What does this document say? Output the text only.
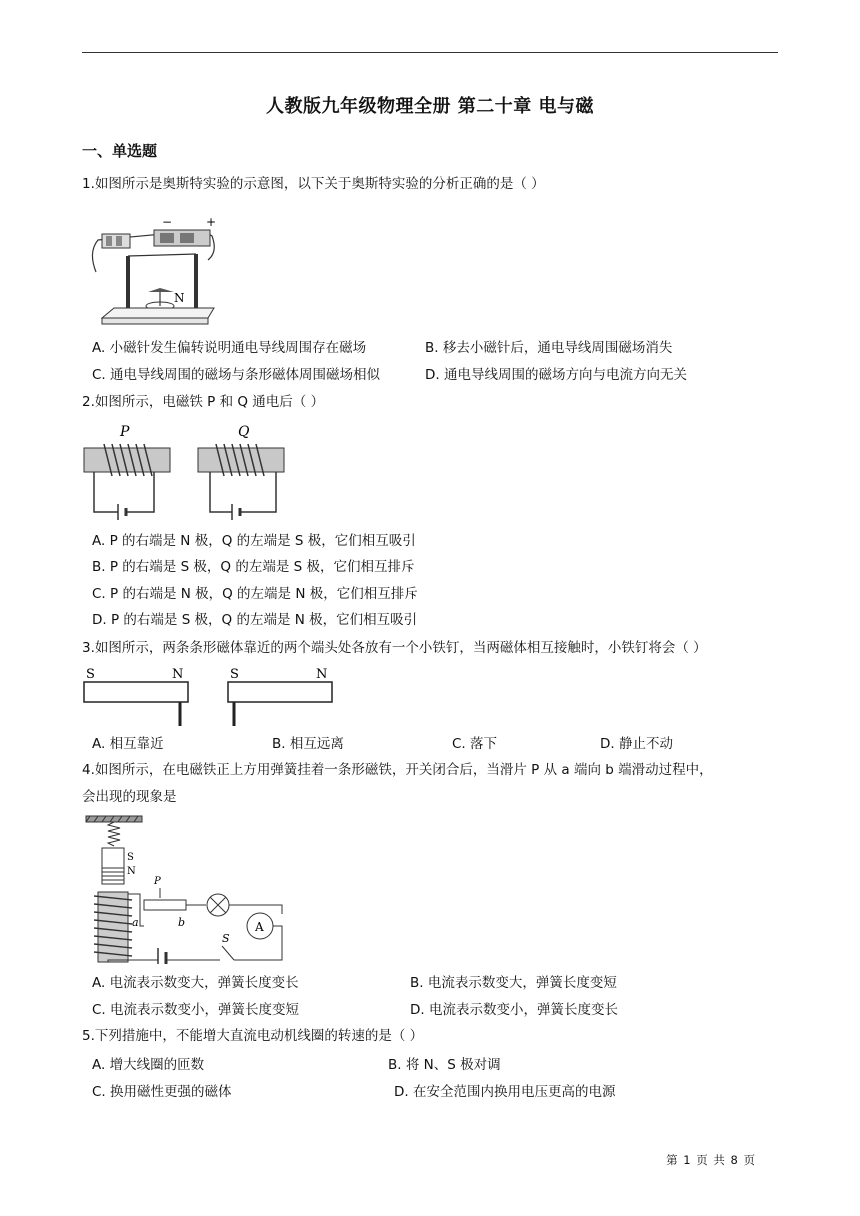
人教版九年级物理全册 第二十章 电与磁
一、单选题
1.如图所示是奥斯特实验的示意图，以下关于奥斯特实验的分析正确的是（ ）
−	+
N
A. 小磁针发生偏转说明通电导线周围存在磁场	B. 移去小磁针后，通电导线周围磁场消失
C. 通电导线周围的磁场与条形磁体周围磁场相似	D. 通电导线周围的磁场方向与电流方向无关
2.如图所示，电磁铁 P 和 Q 通电后（ ）
P	Q
A. P 的右端是 N 极，Q 的左端是 S 极，它们相互吸引
B. P 的右端是 S 极，Q 的左端是 S 极，它们相互排斥
C. P 的右端是 N 极，Q 的左端是 N 极，它们相互排斥
D. P 的右端是 S 极，Q 的左端是 N 极，它们相互吸引
3.如图所示，两条条形磁体靠近的两个端头处各放有一个小铁钉，当两磁体相互接触时，小铁钉将会（ ）
S	N	S	N
A. 相互靠近	B. 相互远离	C. 落下	D. 静止不动
4.如图所示，在电磁铁正上方用弹簧挂着一条形磁铁，开关闭合后，当滑片 P 从 a 端向 b 端滑动过程中，
会出现的现象是
S
N
P
a	b	A
S
A. 电流表示数变大，弹簧长度变长	B. 电流表示数变大，弹簧长度变短
C. 电流表示数变小，弹簧长度变短	D. 电流表示数变小，弹簧长度变长
5.下列措施中，不能增大直流电动机线圈的转速的是（ ）
A. 增大线圈的匝数	B. 将 N、S 极对调
C. 换用磁性更强的磁体	D. 在安全范围内换用电压更高的电源
第 1 页 共 8 页
